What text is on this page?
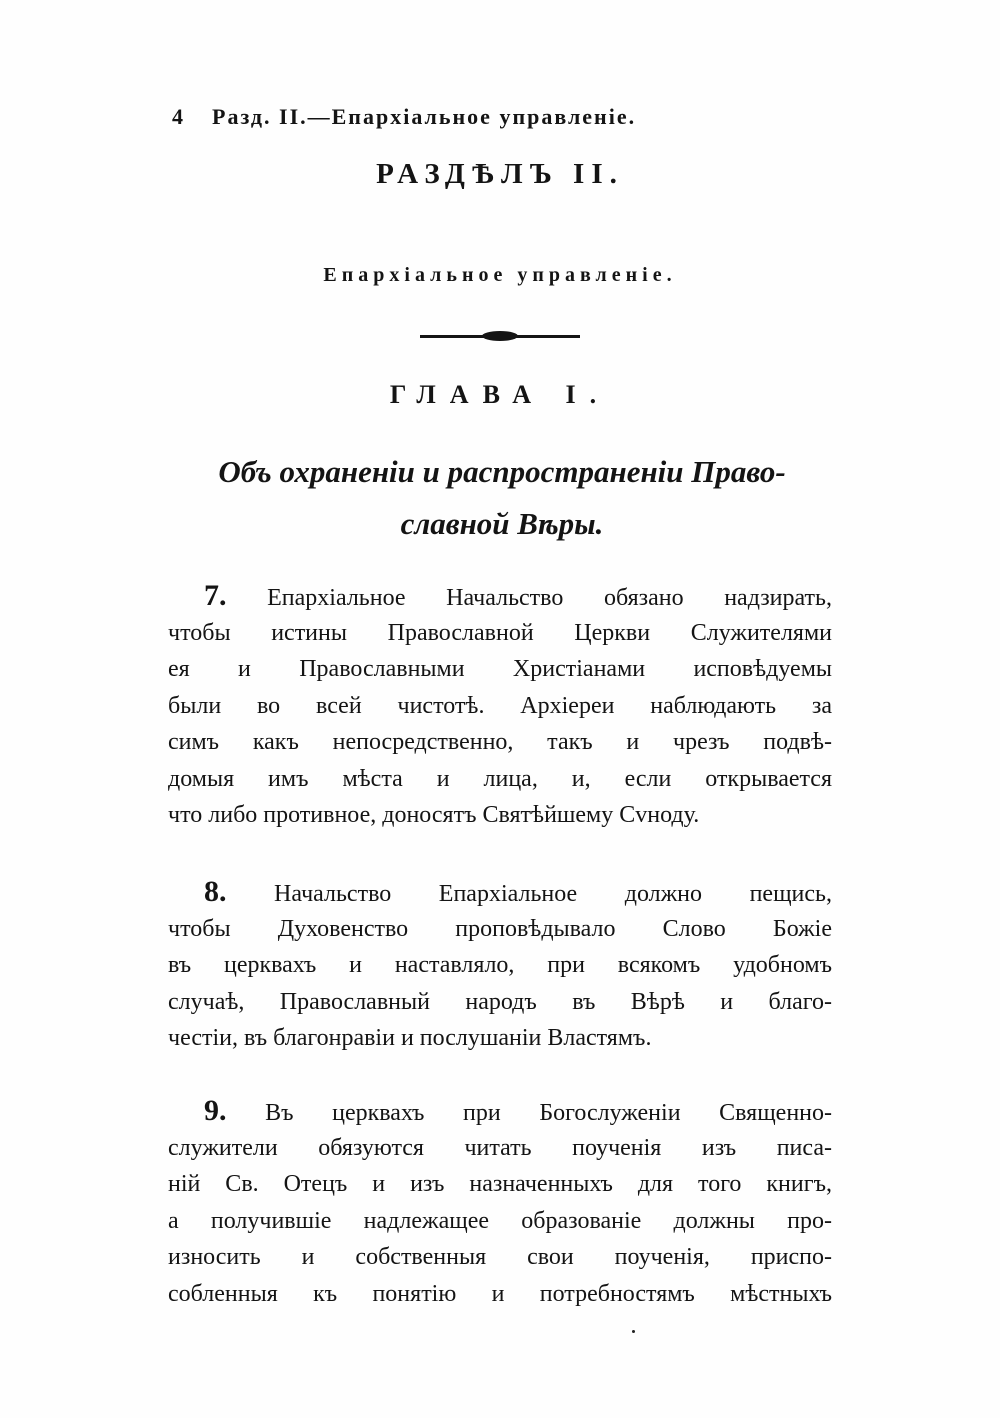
4 Разд. II.—Епархіальное управленіе.
РАЗДѢЛЪ II.
Епархіальное управленіе.
ГЛАВА I.
Объ охраненіи и распространеніи Право-
славной Вѣры.
7. Епархіальное Начальство обязано надзирать,
чтобы истины Православной Церкви Служителями
ея и Православными Христіанами исповѣдуемы
были во всей чистотѣ. Архіереи наблюдають за
симъ какъ непосредственно, такъ и чрезъ подвѣ-
домыя имъ мѣста и лица, и, если открывается
что либо противное, доносятъ Святѣйшему Сvноду.
8. Начальство Епархіальное должно пещись,
чтобы Духовенство проповѣдывало Слово Божіе
въ церквахъ и наставляло, при всякомъ удобномъ
случаѣ, Православный народъ въ Вѣрѣ и благо-
честіи, въ благонравіи и послушаніи Властямъ.
9. Въ церквахъ при Богослуженіи Священно-
служители обязуются читать поученія изъ писа-
ній Св. Отецъ и изъ назначенныхъ для того книгъ,
а получившіе надлежащее образованіе должны про-
износить и собственныя свои поученія, приспо-
собленныя къ понятію и потребностямъ мѣстныхъ
